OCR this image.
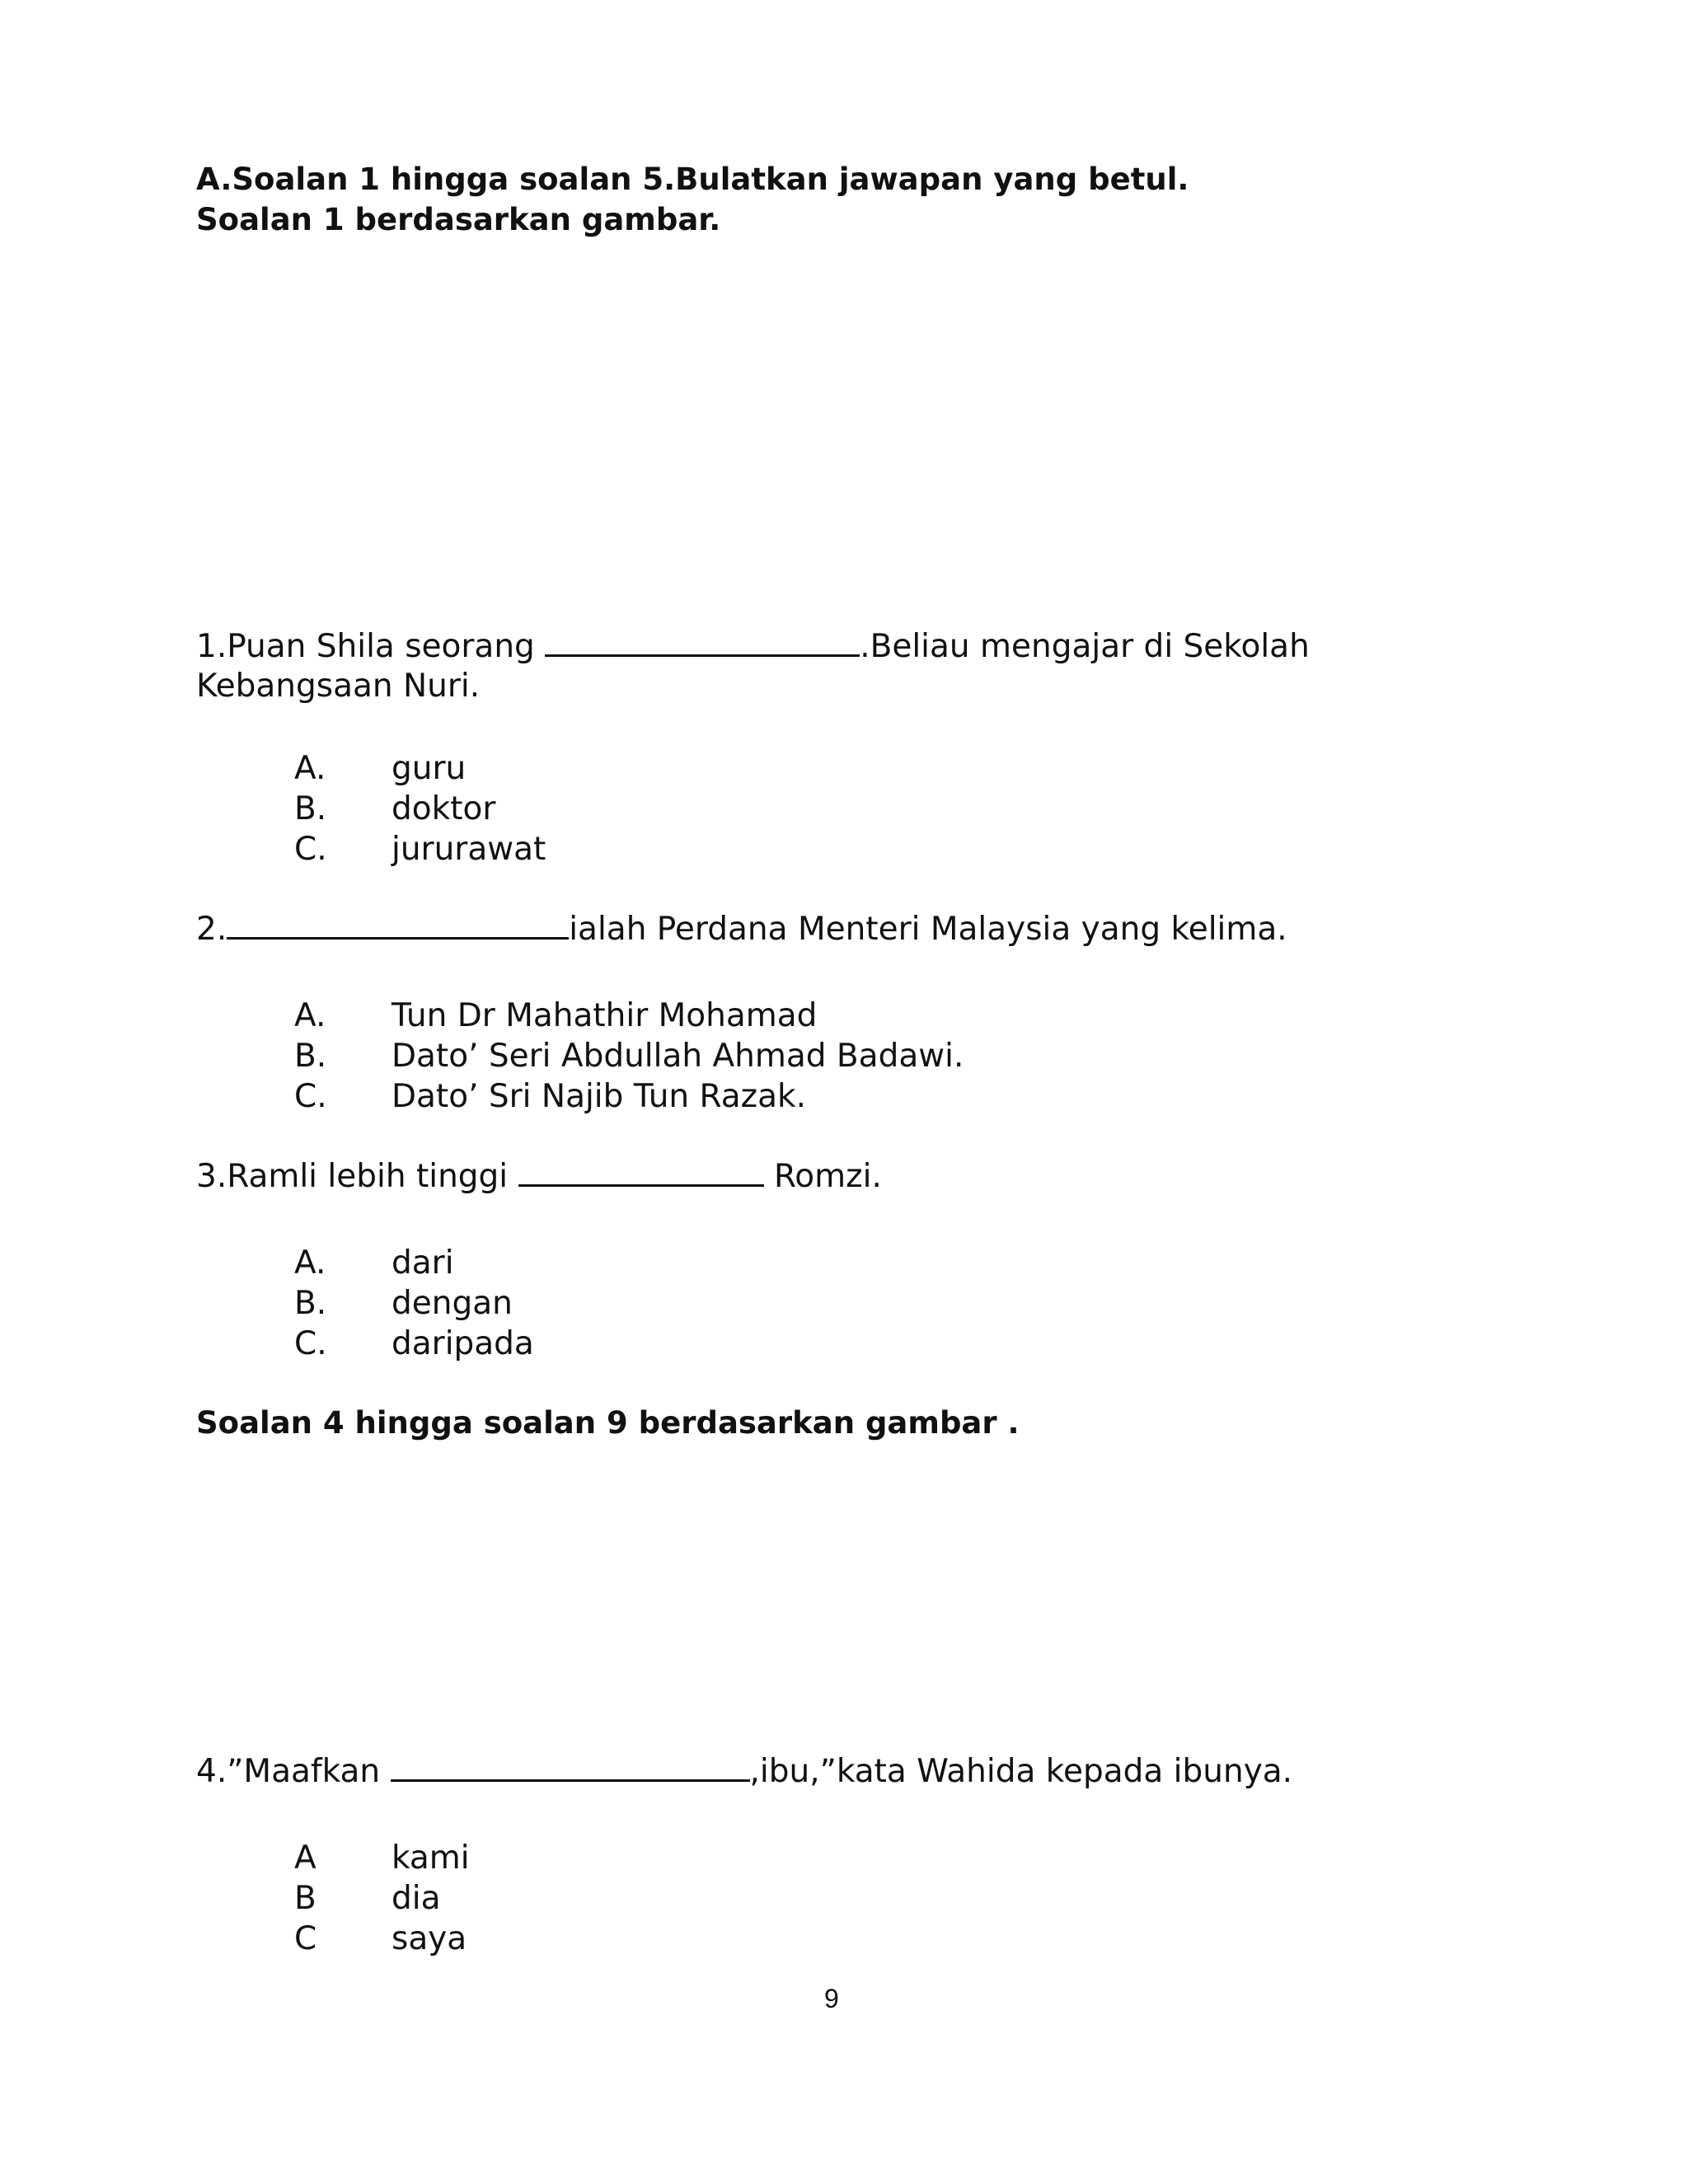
A.Soalan 1 hingga soalan 5.Bulatkan jawapan yang betul.
Soalan 1 berdasarkan gambar.
1.Puan Shila seorang	.Beliau mengajar di Sekolah
Kebangsaan Nuri.
A. guru
B. doktor
C. jururawat
2.	ialah Perdana Menteri Malaysia yang kelima.
A. Tun Dr Mahathir Mohamad
B. Dato’ Seri Abdullah Ahmad Badawi.
C. Dato’ Sri Najib Tun Razak.
3.Ramli lebih tinggi	Romzi.
A. dari
B. dengan
C. daripada
Soalan 4 hingga soalan 9 berdasarkan gambar .
4.”Maafkan	,ibu,”kata Wahida kepada ibunya.
A kami
B dia
C saya
9
